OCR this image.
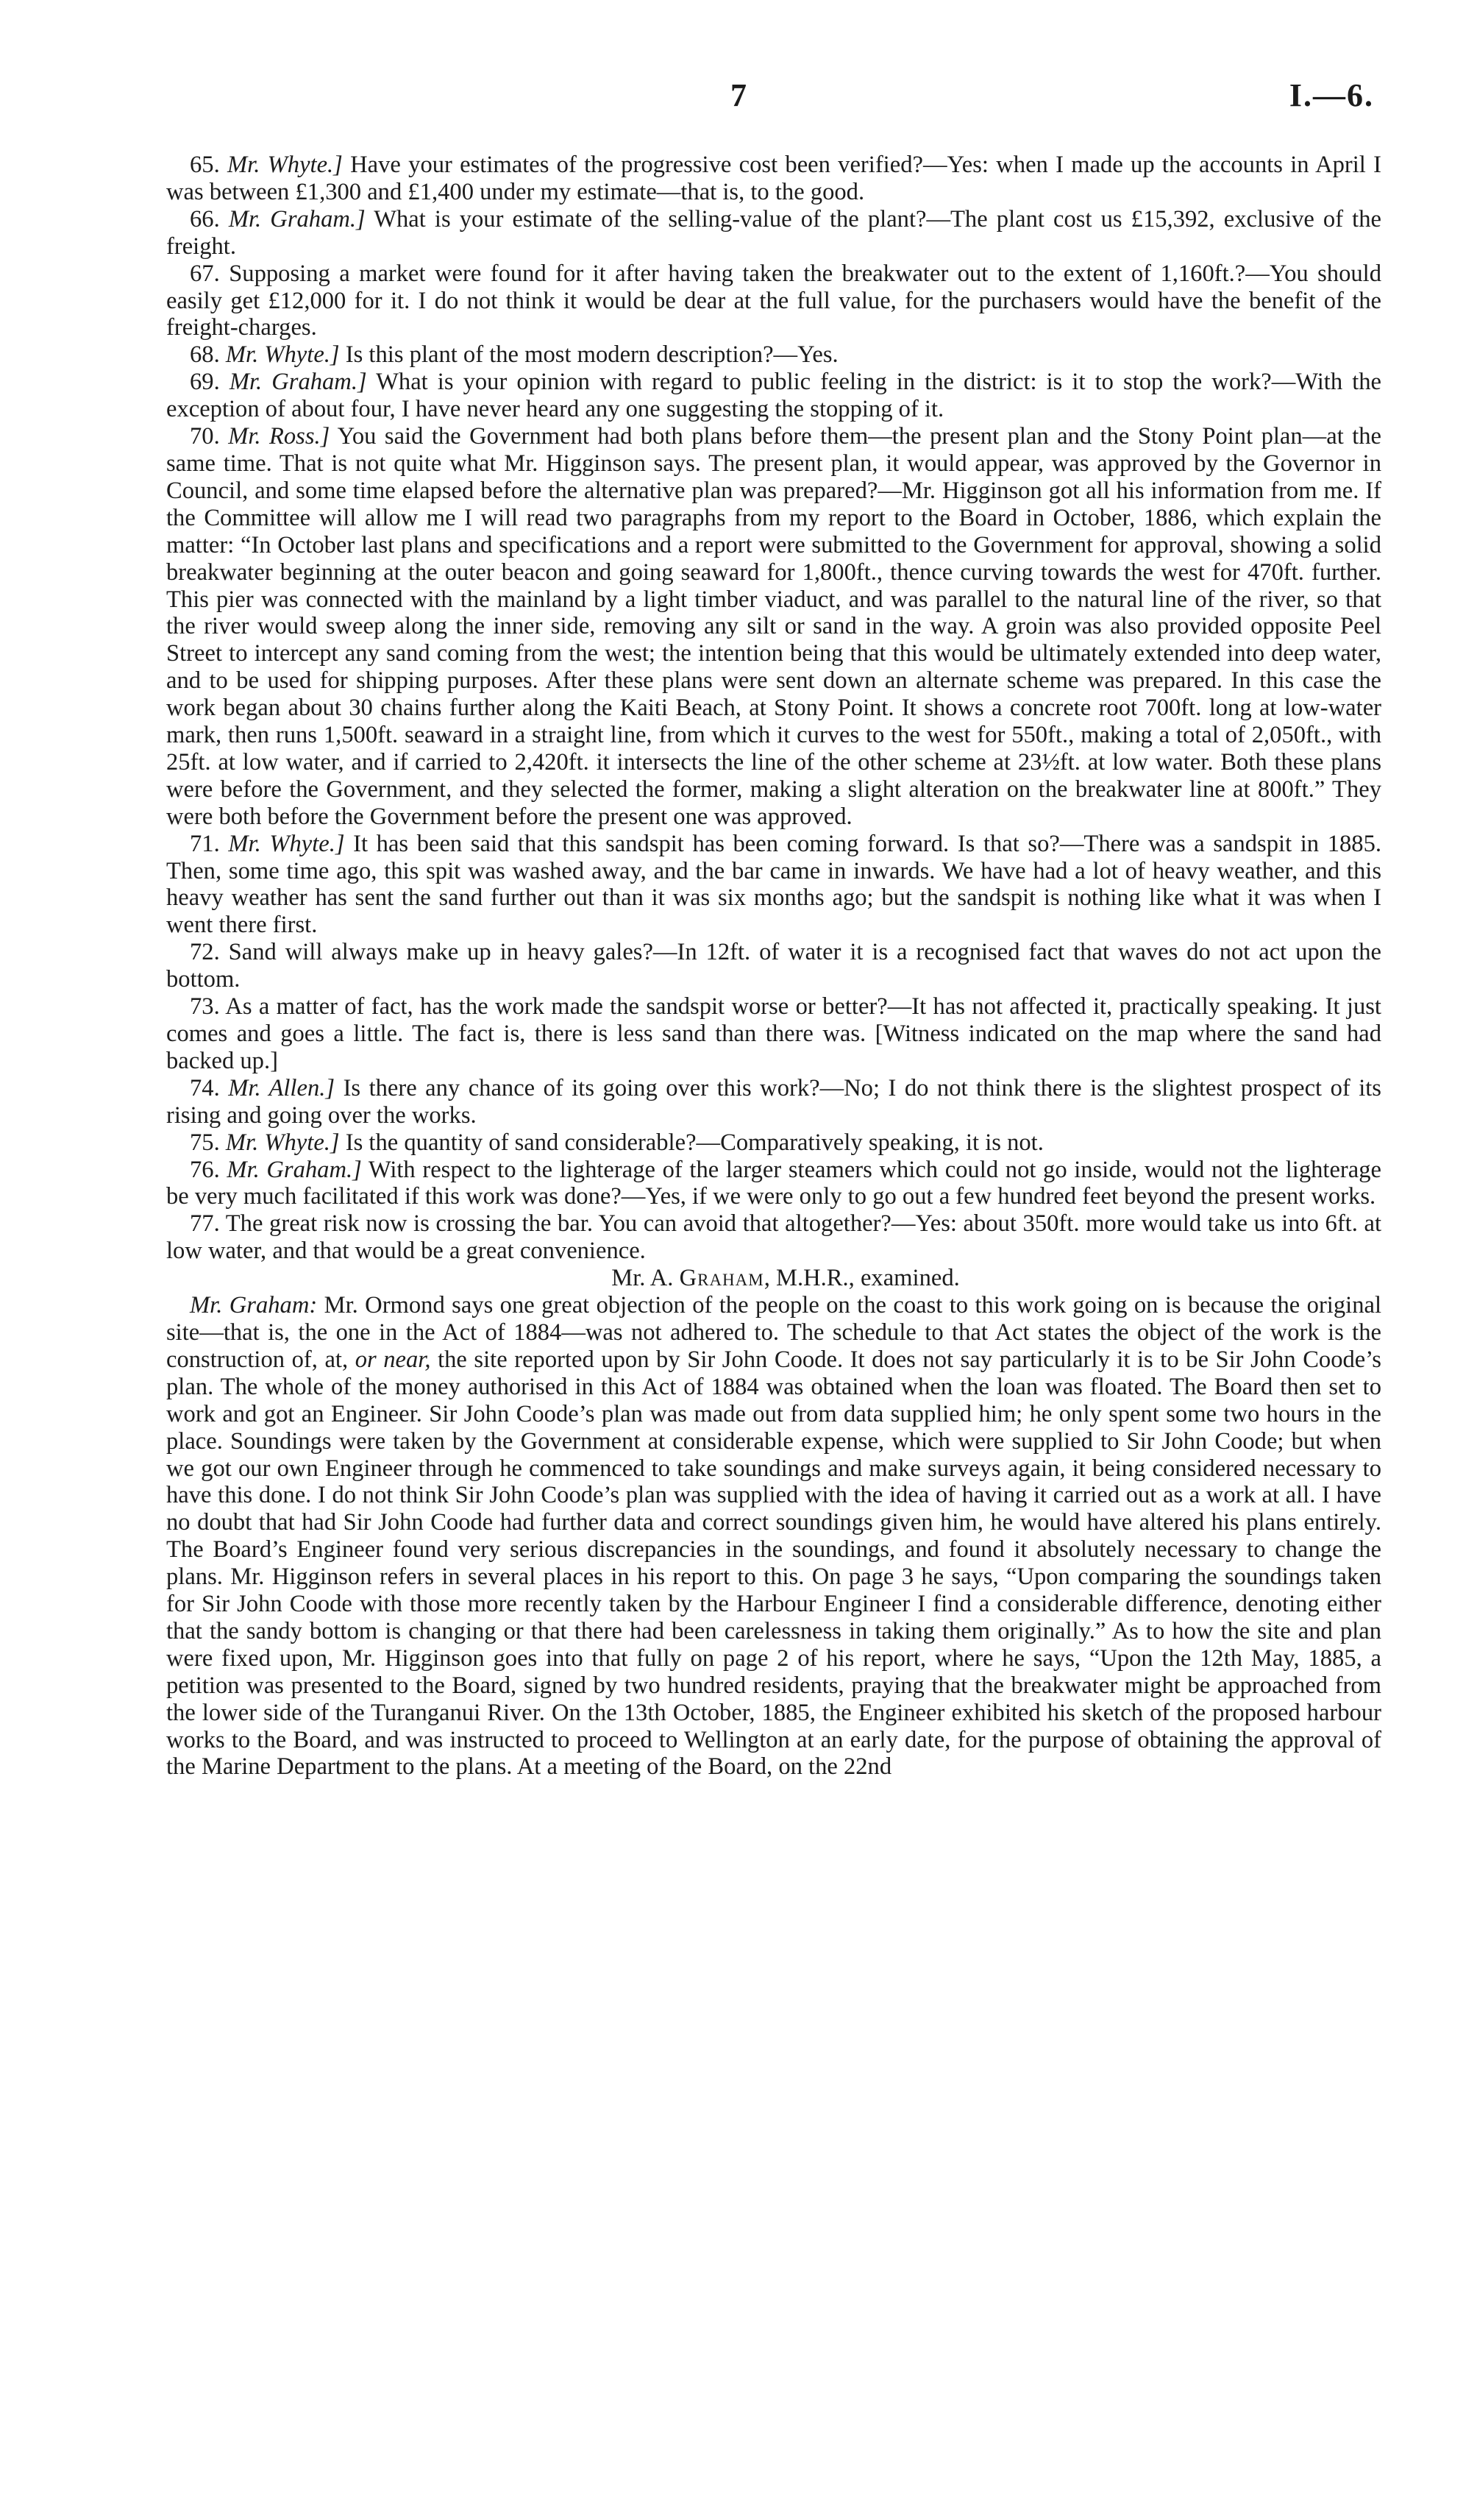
7	I.—6.

65. Mr. Whyte.] Have your estimates of the progressive cost been verified?—Yes: when I made up the accounts in April I was between £1,300 and £1,400 under my estimate—that is, to the good.

66. Mr. Graham.] What is your estimate of the selling-value of the plant?—The plant cost us £15,392, exclusive of the freight.

67. Supposing a market were found for it after having taken the breakwater out to the extent of 1,160ft.?—You should easily get £12,000 for it. I do not think it would be dear at the full value, for the purchasers would have the benefit of the freight-charges.

68. Mr. Whyte.] Is this plant of the most modern description?—Yes.

69. Mr. Graham.] What is your opinion with regard to public feeling in the district: is it to stop the work?—With the exception of about four, I have never heard any one suggesting the stopping of it.

70. Mr. Ross.] You said the Government had both plans before them—the present plan and the Stony Point plan—at the same time. That is not quite what Mr. Higginson says. The present plan, it would appear, was approved by the Governor in Council, and some time elapsed before the alternative plan was prepared?—Mr. Higginson got all his information from me. If the Committee will allow me I will read two paragraphs from my report to the Board in October, 1886, which explain the matter: “In October last plans and specifications and a report were submitted to the Government for approval, showing a solid breakwater beginning at the outer beacon and going seaward for 1,800ft., thence curving towards the west for 470ft. further. This pier was connected with the mainland by a light timber viaduct, and was parallel to the natural line of the river, so that the river would sweep along the inner side, removing any silt or sand in the way. A groin was also provided opposite Peel Street to intercept any sand coming from the west; the intention being that this would be ultimately extended into deep water, and to be used for shipping purposes. After these plans were sent down an alternate scheme was prepared. In this case the work began about 30 chains further along the Kaiti Beach, at Stony Point. It shows a concrete root 700ft. long at low-water mark, then runs 1,500ft. seaward in a straight line, from which it curves to the west for 550ft., making a total of 2,050ft., with 25ft. at low water, and if carried to 2,420ft. it intersects the line of the other scheme at 23½ft. at low water. Both these plans were before the Government, and they selected the former, making a slight alteration on the breakwater line at 800ft.” They were both before the Government before the present one was approved.

71. Mr. Whyte.] It has been said that this sandspit has been coming forward. Is that so?—There was a sandspit in 1885. Then, some time ago, this spit was washed away, and the bar came in inwards. We have had a lot of heavy weather, and this heavy weather has sent the sand further out than it was six months ago; but the sandspit is nothing like what it was when I went there first.

72. Sand will always make up in heavy gales?—In 12ft. of water it is a recognised fact that waves do not act upon the bottom.

73. As a matter of fact, has the work made the sandspit worse or better?—It has not affected it, practically speaking. It just comes and goes a little. The fact is, there is less sand than there was. [Witness indicated on the map where the sand had backed up.]

74. Mr. Allen.] Is there any chance of its going over this work?—No; I do not think there is the slightest prospect of its rising and going over the works.

75. Mr. Whyte.] Is the quantity of sand considerable?—Comparatively speaking, it is not.

76. Mr. Graham.] With respect to the lighterage of the larger steamers which could not go inside, would not the lighterage be very much facilitated if this work was done?—Yes, if we were only to go out a few hundred feet beyond the present works.

77. The great risk now is crossing the bar. You can avoid that altogether?—Yes: about 350ft. more would take us into 6ft. at low water, and that would be a great convenience.

Mr. A. Graham, M.H.R., examined.

Mr. Graham: Mr. Ormond says one great objection of the people on the coast to this work going on is because the original site—that is, the one in the Act of 1884—was not adhered to. The schedule to that Act states the object of the work is the construction of, at, or near, the site reported upon by Sir John Coode. It does not say particularly it is to be Sir John Coode’s plan. The whole of the money authorised in this Act of 1884 was obtained when the loan was floated. The Board then set to work and got an Engineer. Sir John Coode’s plan was made out from data supplied him; he only spent some two hours in the place. Soundings were taken by the Government at considerable expense, which were supplied to Sir John Coode; but when we got our own Engineer through he commenced to take soundings and make surveys again, it being considered necessary to have this done. I do not think Sir John Coode’s plan was supplied with the idea of having it carried out as a work at all. I have no doubt that had Sir John Coode had further data and correct soundings given him, he would have altered his plans entirely. The Board’s Engineer found very serious discrepancies in the soundings, and found it absolutely necessary to change the plans. Mr. Higginson refers in several places in his report to this. On page 3 he says, “Upon comparing the soundings taken for Sir John Coode with those more recently taken by the Harbour Engineer I find a considerable difference, denoting either that the sandy bottom is changing or that there had been carelessness in taking them originally.” As to how the site and plan were fixed upon, Mr. Higginson goes into that fully on page 2 of his report, where he says, “Upon the 12th May, 1885, a petition was presented to the Board, signed by two hundred residents, praying that the breakwater might be approached from the lower side of the Turanganui River. On the 13th October, 1885, the Engineer exhibited his sketch of the proposed harbour works to the Board, and was instructed to proceed to Wellington at an early date, for the purpose of obtaining the approval of the Marine Department to the plans. At a meeting of the Board, on the 22nd
